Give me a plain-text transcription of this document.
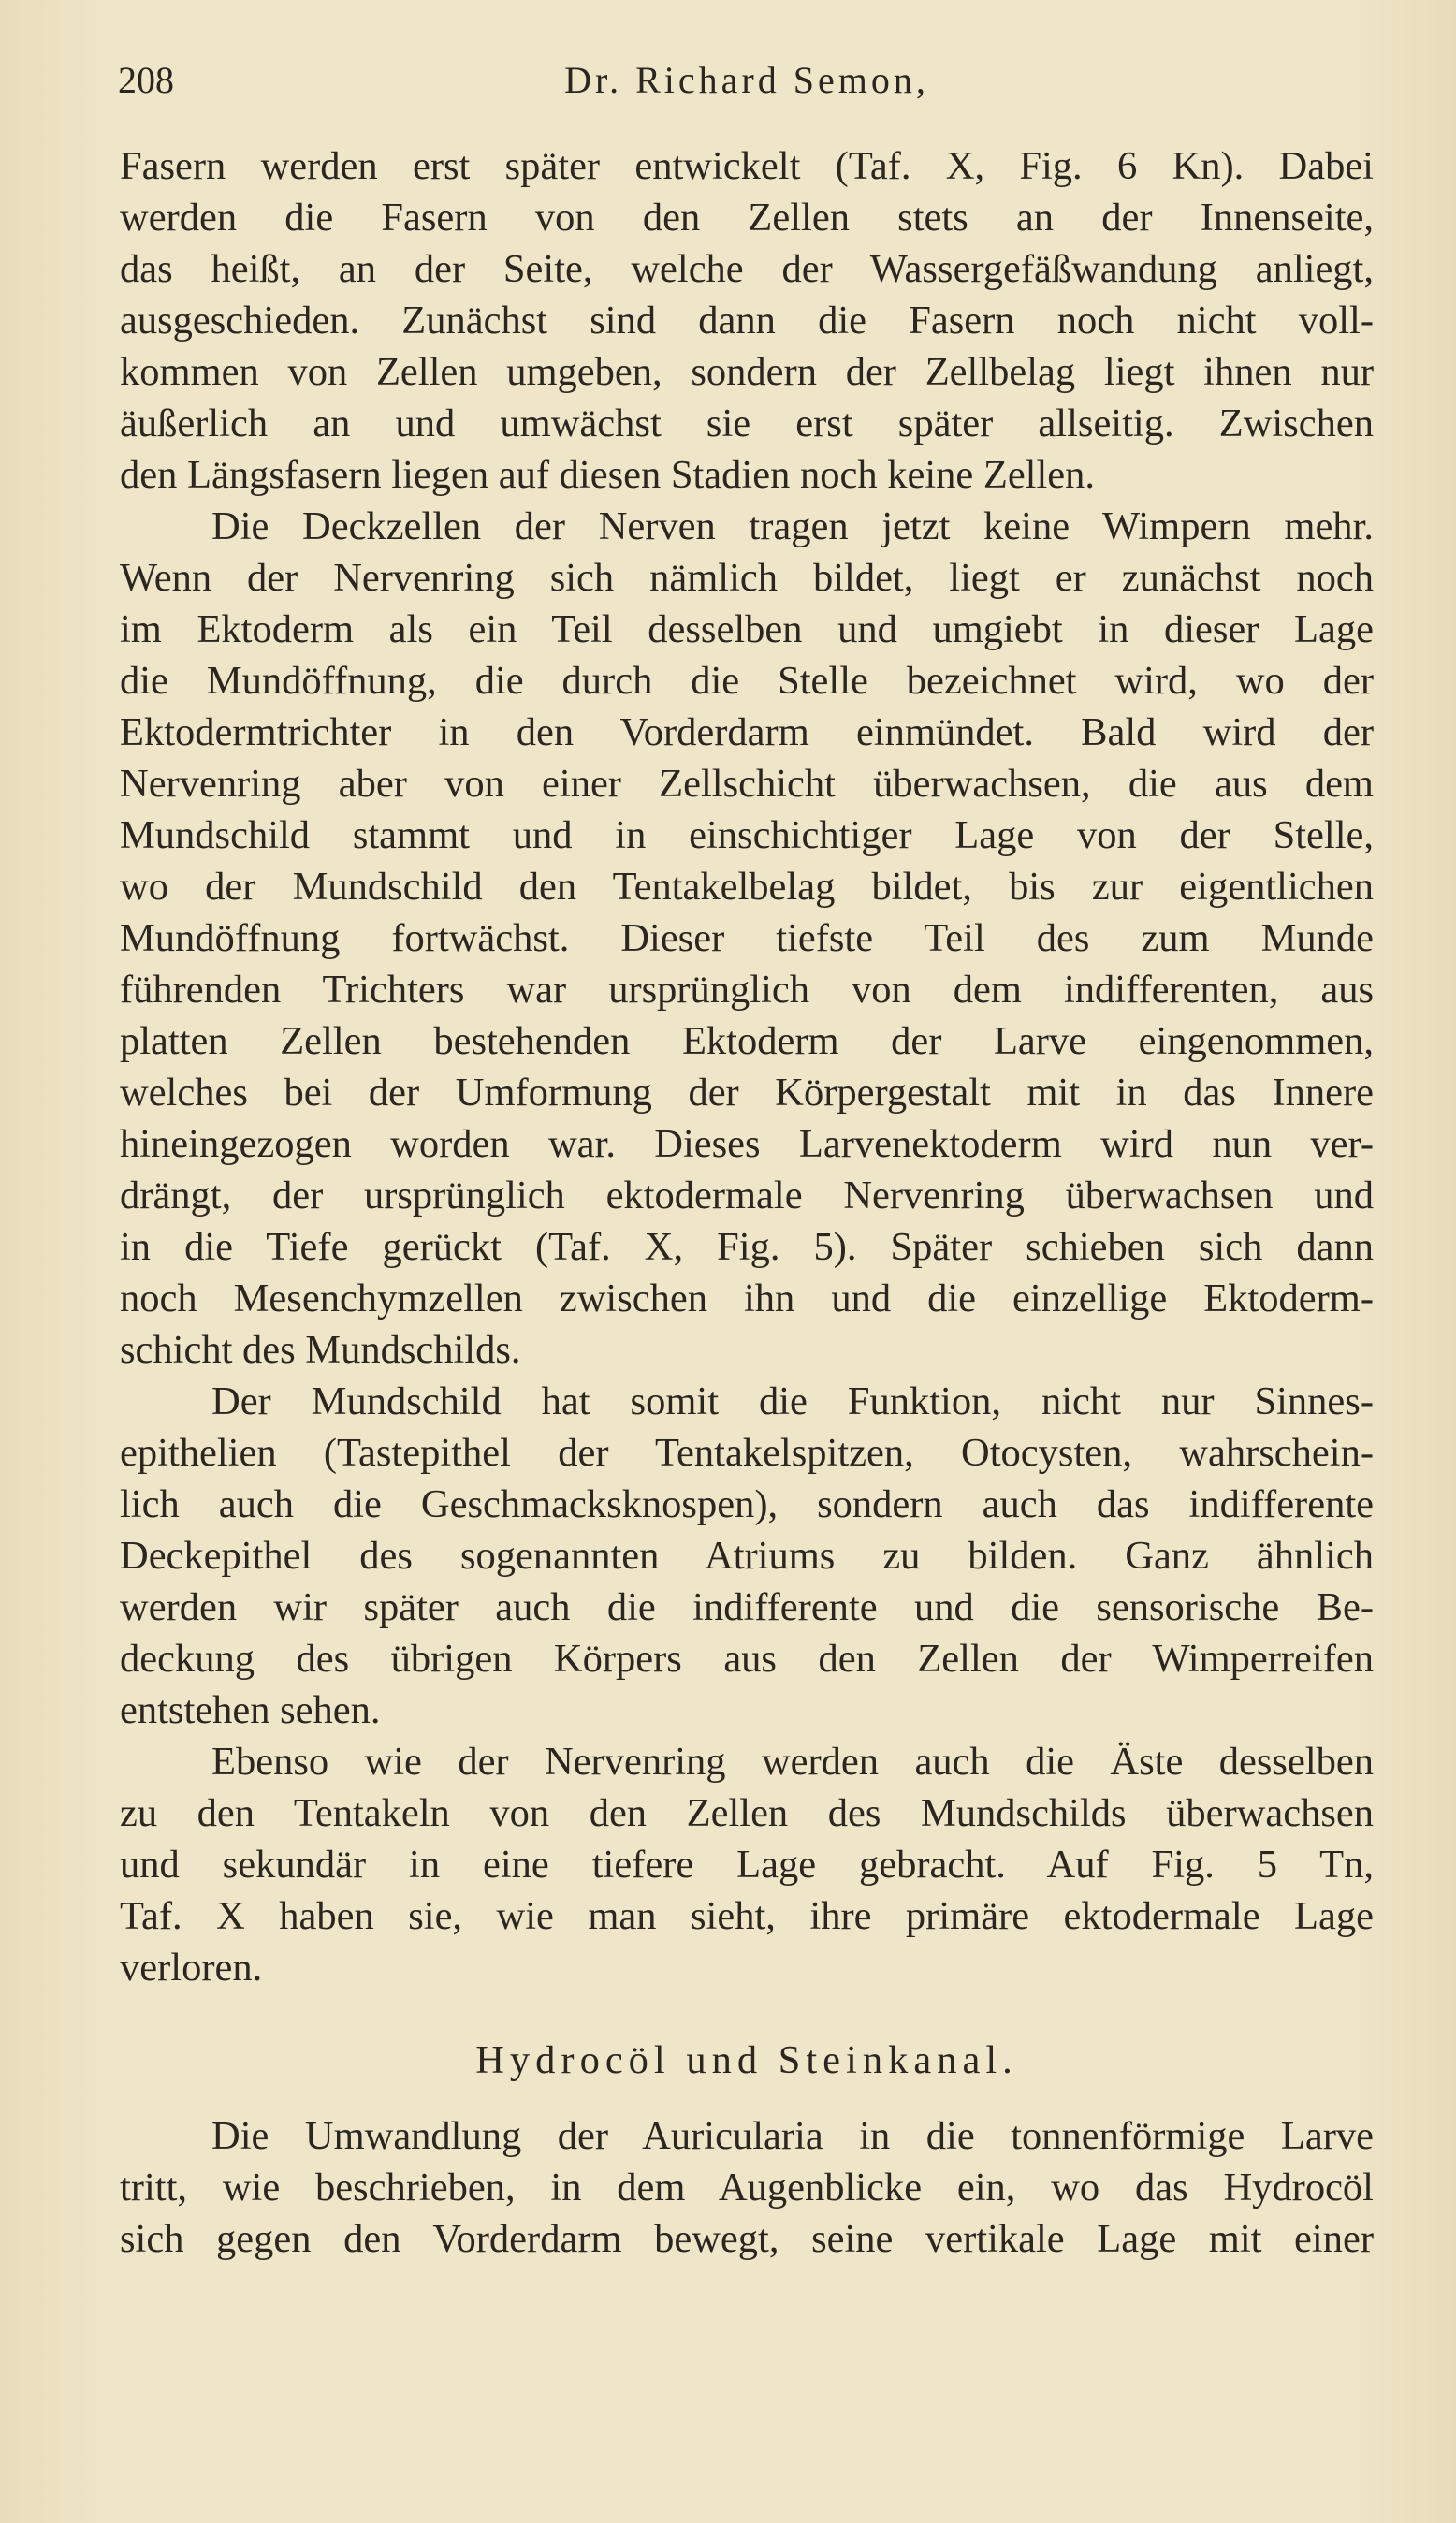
208	Dr. Richard Semon,
Fasern werden erst später entwickelt (Taf. X, Fig. 6 Kn). Dabei
werden die Fasern von den Zellen stets an der Innenseite,
das heißt, an der Seite, welche der Wassergefäßwandung anliegt,
ausgeschieden. Zunächst sind dann die Fasern noch nicht voll-
kommen von Zellen umgeben, sondern der Zellbelag liegt ihnen nur
äußerlich an und umwächst sie erst später allseitig. Zwischen
den Längsfasern liegen auf diesen Stadien noch keine Zellen.
Die Deckzellen der Nerven tragen jetzt keine Wimpern mehr.
Wenn der Nervenring sich nämlich bildet, liegt er zunächst noch
im Ektoderm als ein Teil desselben und umgiebt in dieser Lage
die Mundöffnung, die durch die Stelle bezeichnet wird, wo der
Ektodermtrichter in den Vorderdarm einmündet. Bald wird der
Nervenring aber von einer Zellschicht überwachsen, die aus dem
Mundschild stammt und in einschichtiger Lage von der Stelle,
wo der Mundschild den Tentakelbelag bildet, bis zur eigentlichen
Mundöffnung fortwächst. Dieser tiefste Teil des zum Munde
führenden Trichters war ursprünglich von dem indifferenten, aus
platten Zellen bestehenden Ektoderm der Larve eingenommen,
welches bei der Umformung der Körpergestalt mit in das Innere
hineingezogen worden war. Dieses Larvenektoderm wird nun ver-
drängt, der ursprünglich ektodermale Nervenring überwachsen und
in die Tiefe gerückt (Taf. X, Fig. 5). Später schieben sich dann
noch Mesenchymzellen zwischen ihn und die einzellige Ektoderm-
schicht des Mundschilds.
Der Mundschild hat somit die Funktion, nicht nur Sinnes-
epithelien (Tastepithel der Tentakelspitzen, Otocysten, wahrschein-
lich auch die Geschmacksknospen), sondern auch das indifferente
Deckepithel des sogenannten Atriums zu bilden. Ganz ähnlich
werden wir später auch die indifferente und die sensorische Be-
deckung des übrigen Körpers aus den Zellen der Wimperreifen
entstehen sehen.
Ebenso wie der Nervenring werden auch die Äste desselben
zu den Tentakeln von den Zellen des Mundschilds überwachsen
und sekundär in eine tiefere Lage gebracht. Auf Fig. 5 Tn,
Taf. X haben sie, wie man sieht, ihre primäre ektodermale Lage
verloren.
Hydrocöl und Steinkanal.
Die Umwandlung der Auricularia in die tonnenförmige Larve
tritt, wie beschrieben, in dem Augenblicke ein, wo das Hydrocöl
sich gegen den Vorderdarm bewegt, seine vertikale Lage mit einer
